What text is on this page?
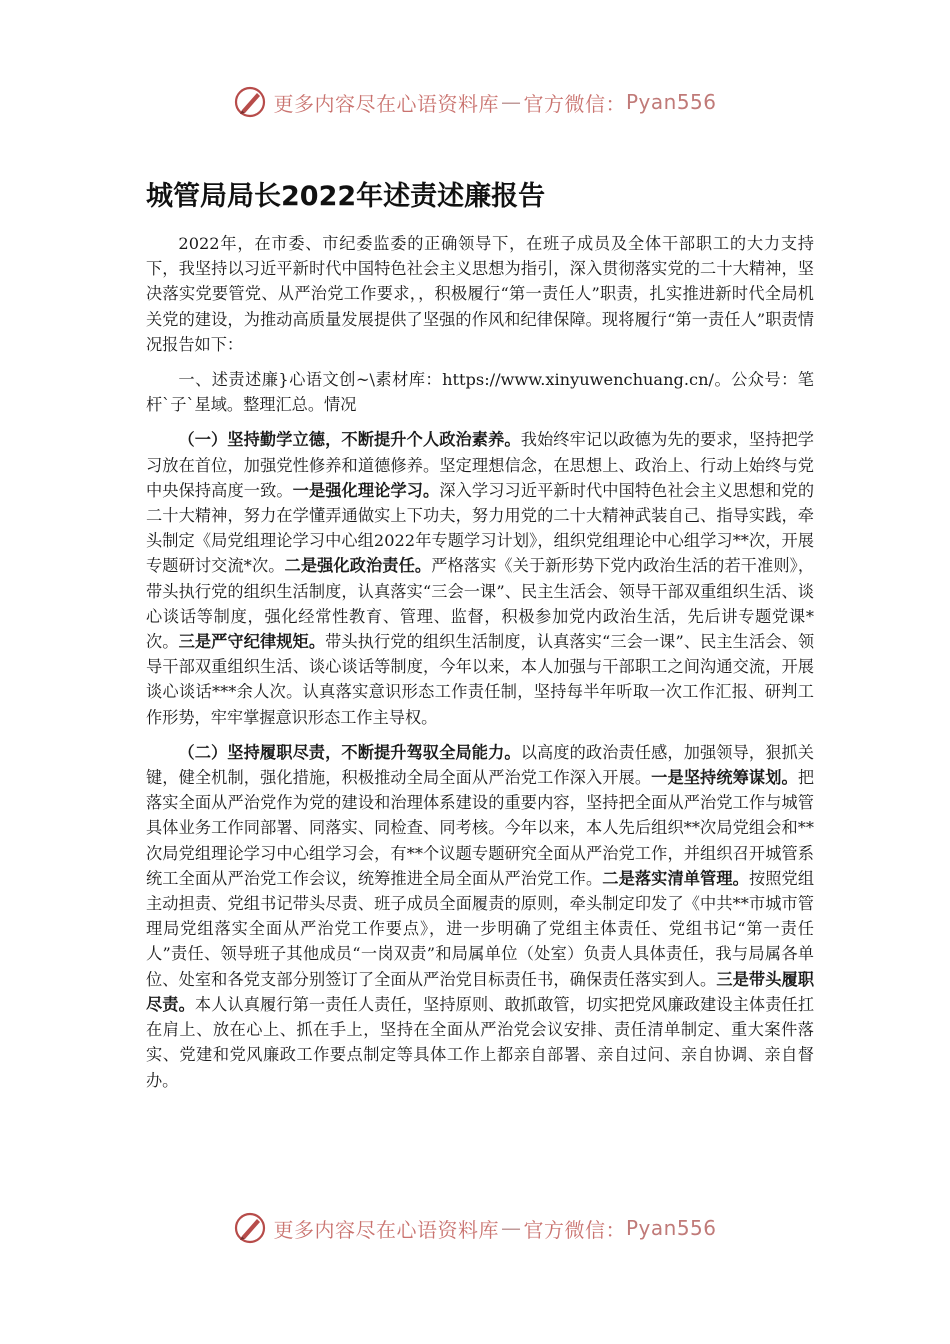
更多内容尽在心语资料库 — 官方微信： Pyan556
城管局局长2022年述责述廉报告

2022年，在市委、市纪委监委的正确领导下，在班子成员及全体干部职工的大力支持下，我坚持以习近平新时代中国特色社会主义思想为指引，深入贯彻落实党的二十大精神，坚决落实党要管党、从严治党工作要求，，积极履行“第一责任人”职责，扎实推进新时代全局机关党的建设，为推动高质量发展提供了坚强的作风和纪律保障。现将履行“第一责任人”职责情况报告如下：

一、述责述廉}心语文创~\素材库：https://www.xinyuwenchuang.cn/。公众号：笔杆`子`星域。整理汇总。情况

（一）坚持勤学立德，不断提升个人政治素养。我始终牢记以政德为先的要求，坚持把学习放在首位，加强党性修养和道德修养。坚定理想信念，在思想上、政治上、行动上始终与党中央保持高度一致。一是强化理论学习。深入学习习近平新时代中国特色社会主义思想和党的二十大精神，努力在学懂弄通做实上下功夫，努力用党的二十大精神武装自己、指导实践，牵头制定《局党组理论学习中心组2022年专题学习计划》，组织党组理论中心组学习**次，开展专题研讨交流*次。二是强化政治责任。严格落实《关于新形势下党内政治生活的若干准则》，带头执行党的组织生活制度，认真落实“三会一课”、民主生活会、领导干部双重组织生活、谈心谈话等制度，强化经常性教育、管理、监督，积极参加党内政治生活，先后讲专题党课*次。三是严守纪律规矩。带头执行党的组织生活制度，认真落实“三会一课”、民主生活会、领导干部双重组织生活、谈心谈话等制度，今年以来，本人加强与干部职工之间沟通交流，开展谈心谈话***余人次。认真落实意识形态工作责任制，坚持每半年听取一次工作汇报、研判工作形势，牢牢掌握意识形态工作主导权。

（二）坚持履职尽责，不断提升驾驭全局能力。以高度的政治责任感，加强领导，狠抓关键，健全机制，强化措施，积极推动全局全面从严治党工作深入开展。一是坚持统筹谋划。把落实全面从严治党作为党的建设和治理体系建设的重要内容，坚持把全面从严治党工作与城管具体业务工作同部署、同落实、同检查、同考核。今年以来，本人先后组织**次局党组会和**次局党组理论学习中心组学习会，有**个议题专题研究全面从严治党工作，并组织召开城管系统工全面从严治党工作会议，统筹推进全局全面从严治党工作。二是落实清单管理。按照党组主动担责、党组书记带头尽责、班子成员全面履责的原则，牵头制定印发了《中共**市城市管理局党组落实全面从严治党工作要点》，进一步明确了党组主体责任、党组书记“第一责任人”责任、领导班子其他成员“一岗双责”和局属单位（处室）负责人具体责任，我与局属各单位、处室和各党支部分别签订了全面从严治党目标责任书，确保责任落实到人。三是带头履职尽责。本人认真履行第一责任人责任，坚持原则、敢抓敢管，切实把党风廉政建设主体责任扛在肩上、放在心上、抓在手上，坚持在全面从严治党会议安排、责任清单制定、重大案件落实、党建和党风廉政工作要点制定等具体工作上都亲自部署、亲自过问、亲自协调、亲自督办。

更多内容尽在心语资料库 — 官方微信： Pyan556
